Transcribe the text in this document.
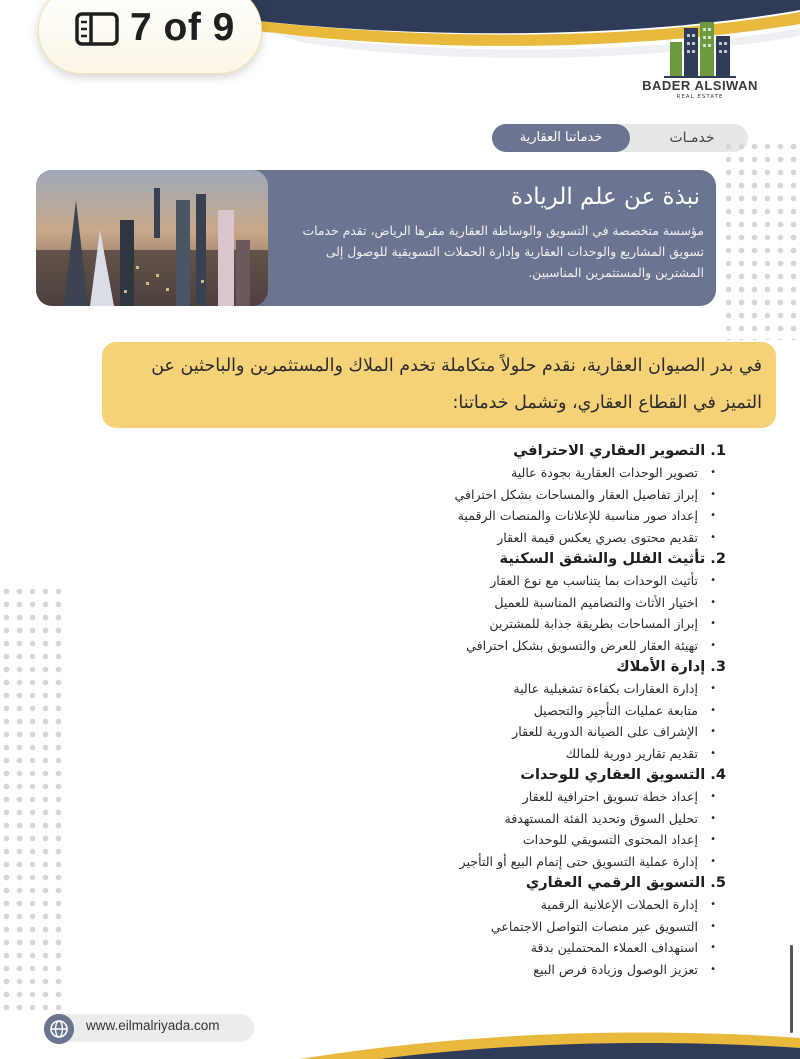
7 of 9
BADER ALSIWAN
REAL ESTATE
خدماتنا العقارية	خدمـات
نبذة عن علم الريادة
مؤسسة متخصصة في التسويق والوساطة العقارية مقرها الرياض، تقدم خدمات تسويق المشاريع والوحدات العقارية وإدارة الحملات التسويقية للوصول إلى المشترين والمستثمرين المناسبين.
في بدر الصيوان العقارية، نقدم حلولاً متكاملة تخدم الملاك والمستثمرين والباحثين عن التميز في القطاع العقاري، وتشمل خدماتنا:
1. التصوير العقاري الاحترافي
•
تصوير الوحدات العقارية بجودة عالية
•
إبراز تفاصيل العقار والمساحات بشكل احترافي
•
إعداد صور مناسبة للإعلانات والمنصات الرقمية
•
تقديم محتوى بصري يعكس قيمة العقار
2. تأثيث الفلل والشقق السكنية
•
تأثيث الوحدات بما يتناسب مع نوع العقار
•
اختيار الأثاث والتصاميم المناسبة للعميل
•
إبراز المساحات بطريقة جذابة للمشترين
•
تهيئة العقار للعرض والتسويق بشكل احترافي
3. إدارة الأملاك
•
إدارة العقارات بكفاءة تشغيلية عالية
•
متابعة عمليات التأجير والتحصيل
•
الإشراف على الصيانة الدورية للعقار
•
تقديم تقارير دورية للمالك
4. التسويق العقاري للوحدات
•
إعداد خطة تسويق احترافية للعقار
•
تحليل السوق وتحديد الفئة المستهدفة
•
إعداد المحتوى التسويقي للوحدات
•
إدارة عملية التسويق حتى إتمام البيع أو التأجير
5. التسويق الرقمي العقاري
•
إدارة الحملات الإعلانية الرقمية
•
التسويق عبر منصات التواصل الاجتماعي
•
استهداف العملاء المحتملين بدقة
•
تعزيز الوصول وزيادة فرص البيع
www.eilmalriyada.com
